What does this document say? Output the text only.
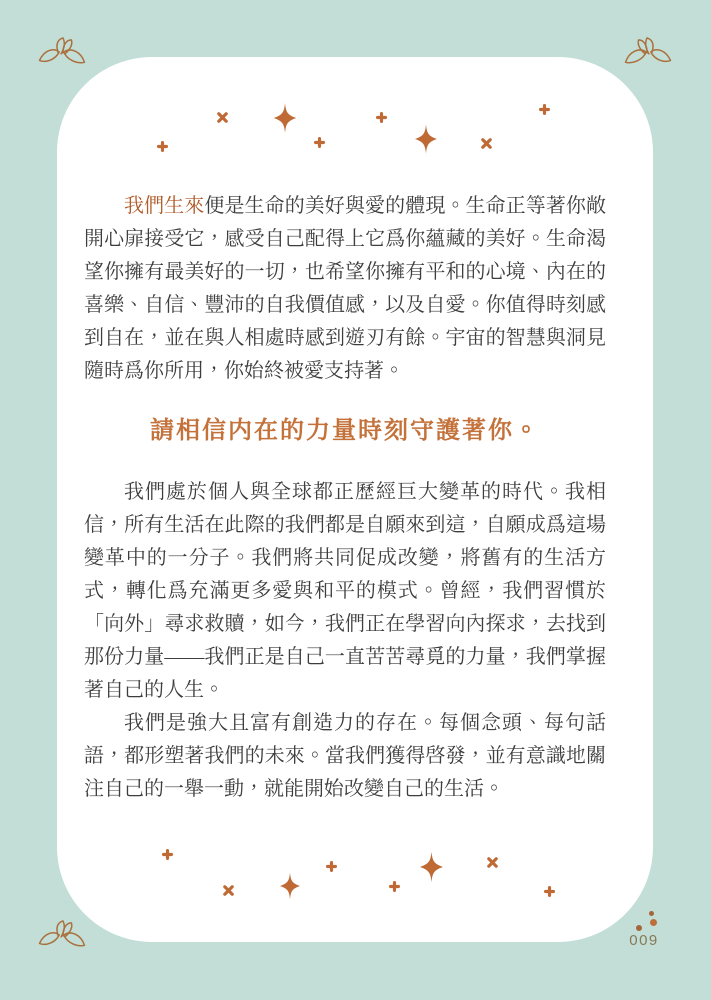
我們生來便是生命的美好與愛的體現。生命正等著你敞開心扉接受它，感受自己配得上它爲你蘊藏的美好。生命渴望你擁有最美好的一切，也希望你擁有平和的心境、內在的喜樂、自信、豐沛的自我價值感，以及自愛。你值得時刻感到自在，並在與人相處時感到遊刃有餘。宇宙的智慧與洞見隨時爲你所用，你始終被愛支持著。

請相信内在的力量時刻守護著你。

我們處於個人與全球都正歷經巨大變革的時代。我相信，所有生活在此際的我們都是自願來到這，自願成爲這場變革中的一分子。我們將共同促成改變，將舊有的生活方式，轉化爲充滿更多愛與和平的模式。曾經，我們習慣於「向外」尋求救贖，如今，我們正在學習向內探求，去找到那份力量——我們正是自己一直苦苦尋覓的力量，我們掌握著自己的人生。

我們是強大且富有創造力的存在。每個念頭、每句話語，都形塑著我們的未來。當我們獲得啓發，並有意識地關注自己的一舉一動，就能開始改變自己的生活。

009
